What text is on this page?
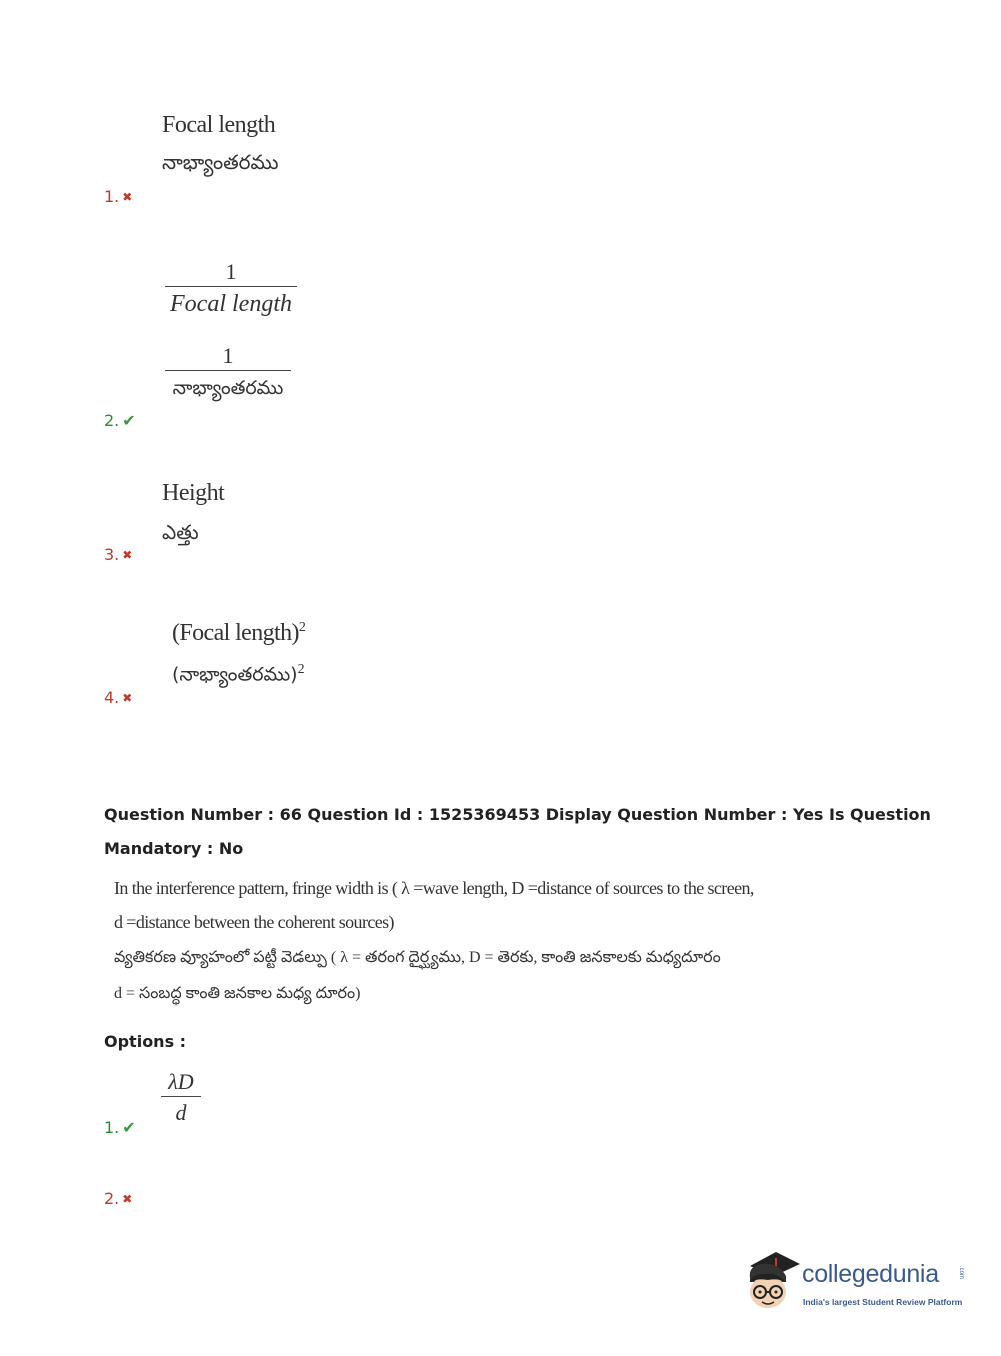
Focal length
నాభ్యాంతరము
1. ✖
1
Focal length
1
నాభ్యాంతరము
2. ✔
Height
ఎత్తు
3. ✖
(Focal length)$^2$
(నాభ్యాంతరము)$^2$
4. ✖
Question Number : 66 Question Id : 1525369453 Display Question Number : Yes Is Question
Mandatory : No
In the interference pattern, fringe width is ( λ =wave length, D =distance of sources to the screen,
d =distance between the coherent sources)
వ్యతికరణ వ్యూహంలో పట్టీ వెడల్పు ( λ = తరంగ దైర్ఘ్యము, D = తెరకు, కాంతి జనకాలకు మధ్యదూరం
d = సంబద్ధ కాంతి జనకాల మధ్య దూరం)
Options :
λD
d
1. ✔
2. ✖
collegedunia	.com
India's largest Student Review Platform
